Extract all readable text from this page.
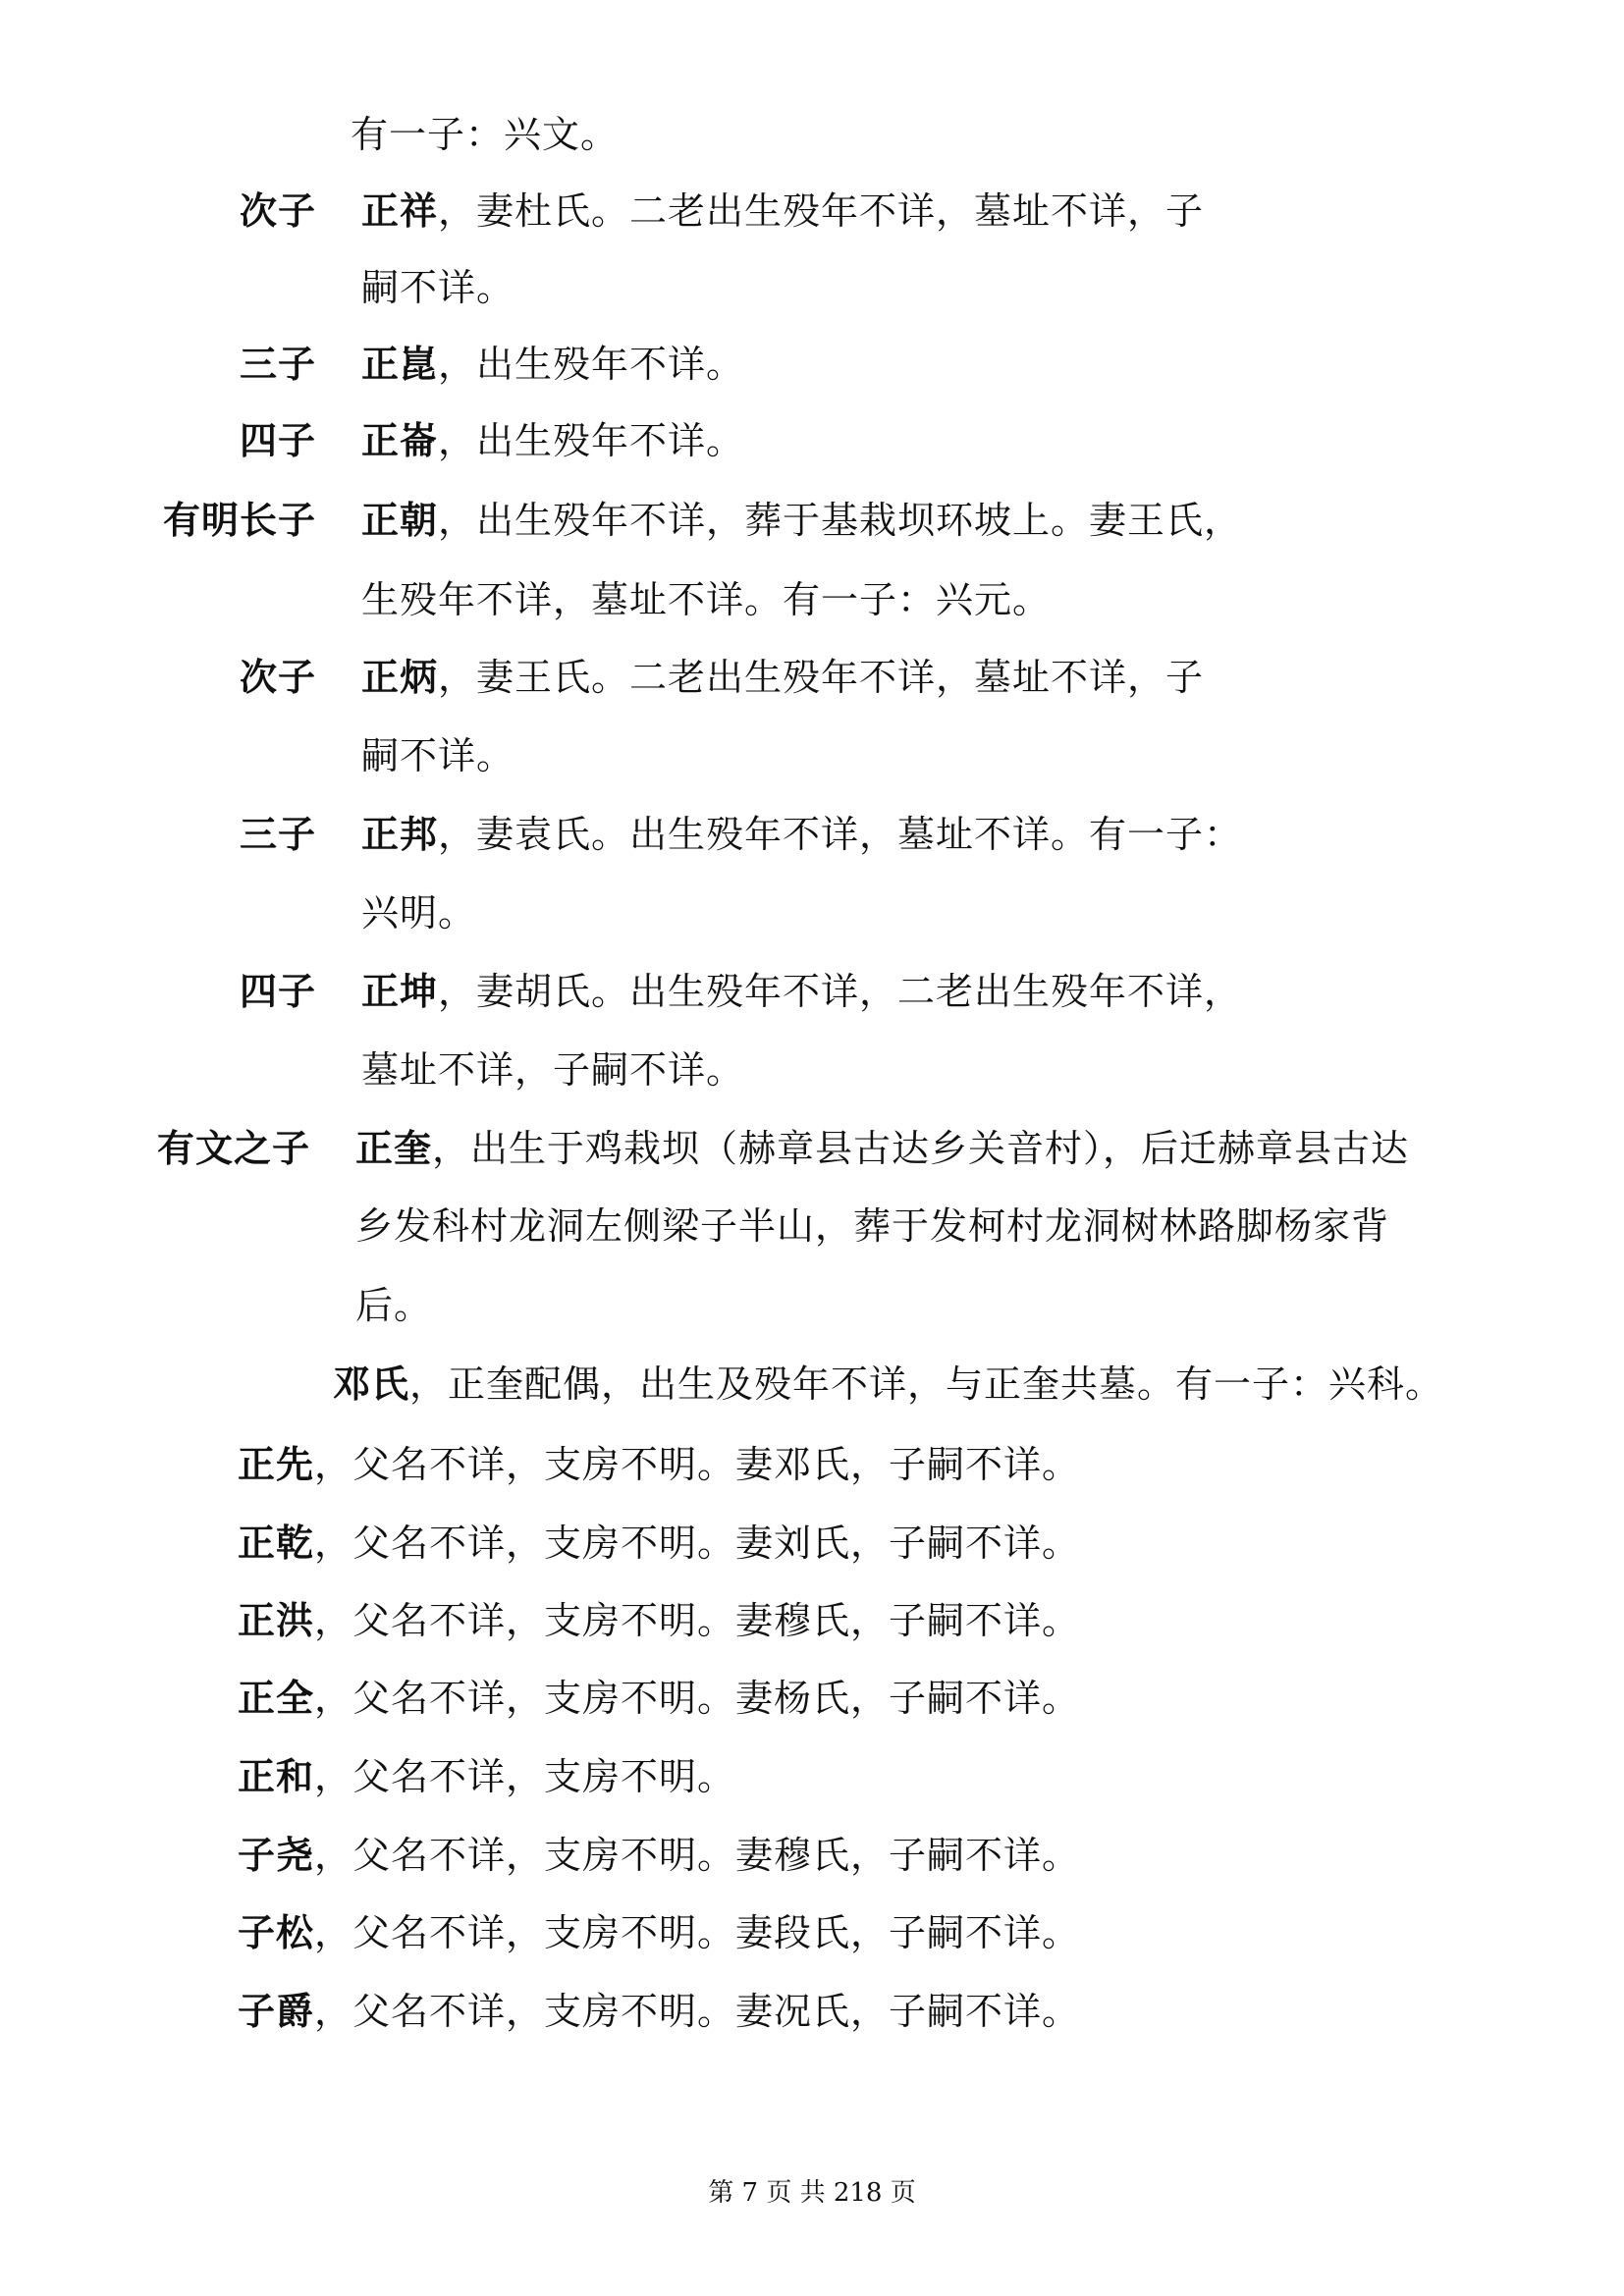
有一子：兴文。
次子 正祥，妻杜氏。二老出生殁年不详，墓址不详，子
嗣不详。
三子 正崑，出生殁年不详。
四子 正崙，出生殁年不详。
有明长子 正朝，出生殁年不详，葬于基栽坝环坡上。妻王氏，
生殁年不详，墓址不详。有一子：兴元。
次子 正炳，妻王氏。二老出生殁年不详，墓址不详，子
嗣不详。
三子 正邦，妻袁氏。出生殁年不详，墓址不详。有一子：
兴明。
四子 正坤，妻胡氏。出生殁年不详，二老出生殁年不详，
墓址不详，子嗣不详。
有文之子 正奎，出生于鸡栽坝（赫章县古达乡关音村），后迁赫章县古达
乡发科村龙洞左侧梁子半山，葬于发柯村龙洞树林路脚杨家背
后。
邓氏，正奎配偶，出生及殁年不详，与正奎共墓。有一子：兴科。
正先，父名不详，支房不明。妻邓氏，子嗣不详。
正乾，父名不详，支房不明。妻刘氏，子嗣不详。
正洪，父名不详，支房不明。妻穆氏，子嗣不详。
正全，父名不详，支房不明。妻杨氏，子嗣不详。
正和，父名不详，支房不明。
子尧，父名不详，支房不明。妻穆氏，子嗣不详。
子松，父名不详，支房不明。妻段氏，子嗣不详。
子爵，父名不详，支房不明。妻况氏，子嗣不详。
第 7 页 共 218 页
